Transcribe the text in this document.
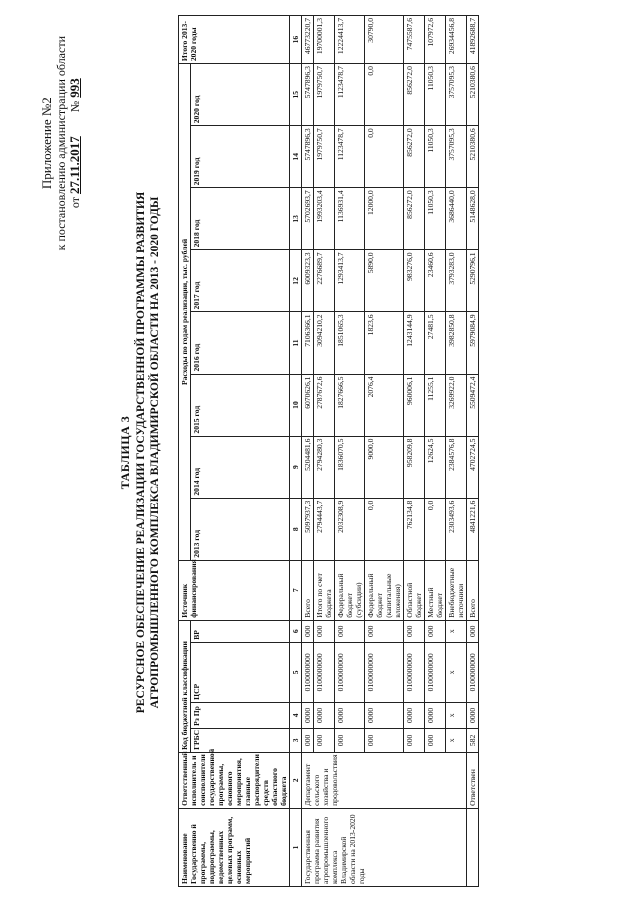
Приложение №2 к постановлению администрации области от 27.11.2017        № 993
ТАБЛИЦА 3 РЕСУРСНОЕ ОБЕСПЕЧЕНИЕ РЕАЛИЗАЦИИ ГОСУДАРСТВЕННОЙ ПРОГРАММЫ РАЗВИТИЯ АГРОПРОМЫШЛЕННОГО КОМПЛЕКСА ВЛАДИМИРСКОЙ ОБЛАСТИ НА 2013 - 2020 ГОДЫ
Наименование Государственно й программы, подпрограммы, ведомственных целевых программ, основных мероприятий	Ответственный исполнитель и соисполнители государственной программы, основного мероприятия, главные распорядители средств областного бюджета	Код бюджетной классификации				Источник финансирования	Расходы по годам реализации, тыс. рублей								Итого 2013-2020 годы
		ГРБС	Рз Пр	ЦСР	ВР		2013 год	2014 год	2015 год	2016 год	2017 год	2018 год	2019 год	2020 год	

1	2	3	4	5	6	7	8	9	10	11	12	13	14	15	16
Государственная программа развития агропромышленного комплекса Владимирской области на 2013-2020 годы	Департамент сельского хозяйства и продовольствия	000	0000	0100000000	000	Всего	5097937,3	5204481,6	6070626,1	7106366,1	6009323,3	5702693,7	5747896,3	5747896,3	46773220,7
		000	0000	0100000000	000	Итого по счет бюджета	2794443,7	2794280,3	2787672,6	3094210,2	2276689,7	1993203,4	1979750,7	1979750,7	19700001,3
		000	0000	0100000000	000	Федеральный бюджет (субсидии)	2032308,9	1836070,5	1827666,5	1851065,3	1293413,7	1136931,4	1123478,7	1123478,7	12224413,7
		000	0000	0100000000	000	Федеральный бюджет (капитальные вложения)	0,0	9000,0	2076,4	1823,6	5890,0	12000,0	0,0	0,0	30790,0
		000	0000	0100000000	000	Областной бюджет	762134,8	958209,8	960006,1	1243144,9	983276,0	856272,0	856272,0	856272,0	7475587,6
		000	0000	0100000000	000	Местный бюджет	0,0	12624,5	11255,1	27481,5	23460,6	11050,3	11050,3	11050,3	107972,6
		x	x	x	x	Внебюджетные источники	2303493,6	2384576,8	3269922,0	3982850,8	3793283,0	3686440,0	3757095,3	3757095,3	26934456,8
	Ответствен	582	0000	0100000000	000	Всего	4841221,6	4702724,5	5509472,4	5979084,9	5290796,1	5148628,0	5210380,6	5210380,6	41892688,7
